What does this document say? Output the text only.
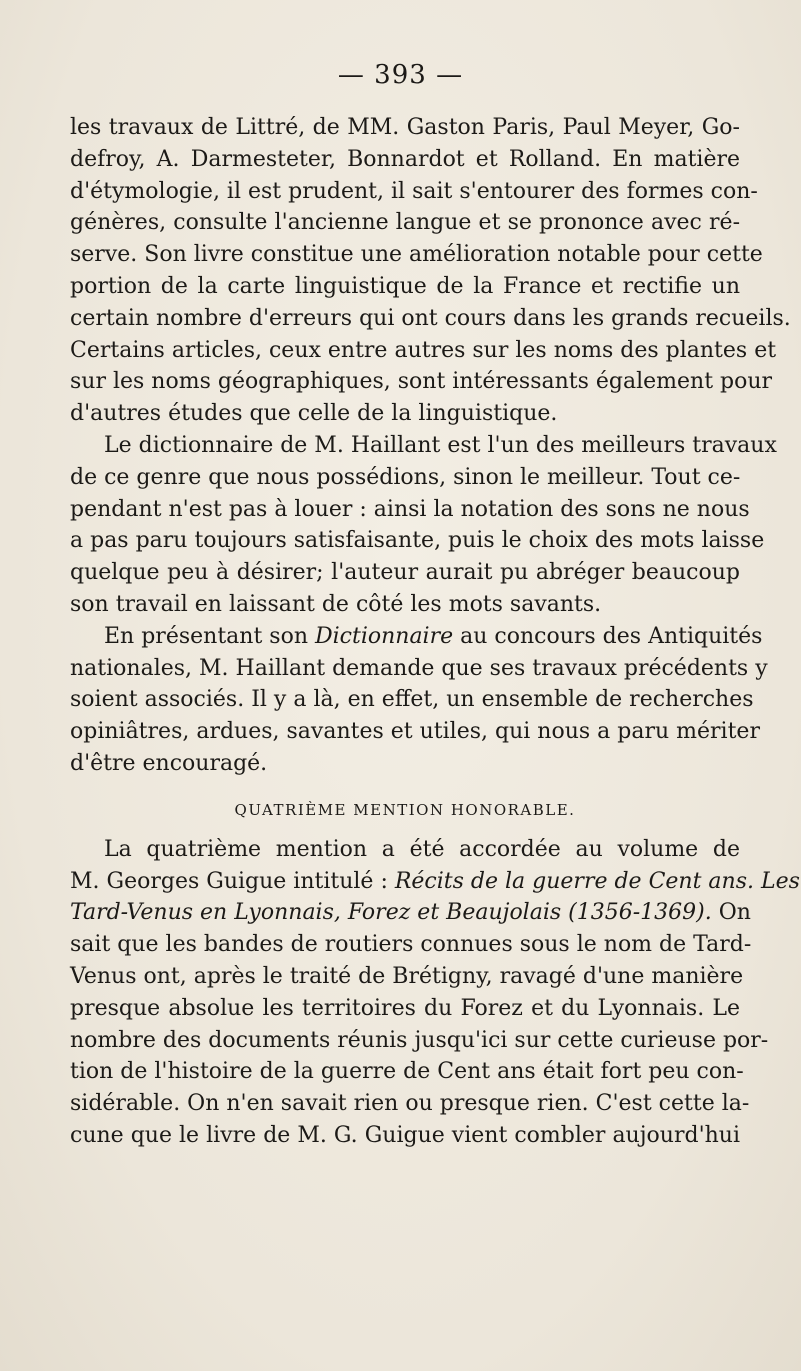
— 393 —
les travaux de Littré, de MM. Gaston Paris, Paul Meyer, Go-
defroy, A. Darmesteter, Bonnardot et Rolland. En matière
d'étymologie, il est prudent, il sait s'entourer des formes con-
génères, consulte l'ancienne langue et se prononce avec ré-
serve. Son livre constitue une amélioration notable pour cette
portion de la carte linguistique de la France et rectifie un
certain nombre d'erreurs qui ont cours dans les grands recueils.
Certains articles, ceux entre autres sur les noms des plantes et
sur les noms géographiques, sont intéressants également pour
d'autres études que celle de la linguistique.
Le dictionnaire de M. Haillant est l'un des meilleurs travaux
de ce genre que nous possédions, sinon le meilleur. Tout ce-
pendant n'est pas à louer : ainsi la notation des sons ne nous
a pas paru toujours satisfaisante, puis le choix des mots laisse
quelque peu à désirer; l'auteur aurait pu abréger beaucoup
son travail en laissant de côté les mots savants.
En présentant son Dictionnaire au concours des Antiquités
nationales, M. Haillant demande que ses travaux précédents y
soient associés. Il y a là, en effet, un ensemble de recherches
opiniâtres, ardues, savantes et utiles, qui nous a paru mériter
d'être encouragé.
QUATRIÈME MENTION HONORABLE.
La quatrième mention a été accordée au volume de
M. Georges Guigue intitulé : Récits de la guerre de Cent ans. Les
Tard-Venus en Lyonnais, Forez et Beaujolais (1356-1369). On
sait que les bandes de routiers connues sous le nom de Tard-
Venus ont, après le traité de Brétigny, ravagé d'une manière
presque absolue les territoires du Forez et du Lyonnais. Le
nombre des documents réunis jusqu'ici sur cette curieuse por-
tion de l'histoire de la guerre de Cent ans était fort peu con-
sidérable. On n'en savait rien ou presque rien. C'est cette la-
cune que le livre de M. G. Guigue vient combler aujourd'hui
